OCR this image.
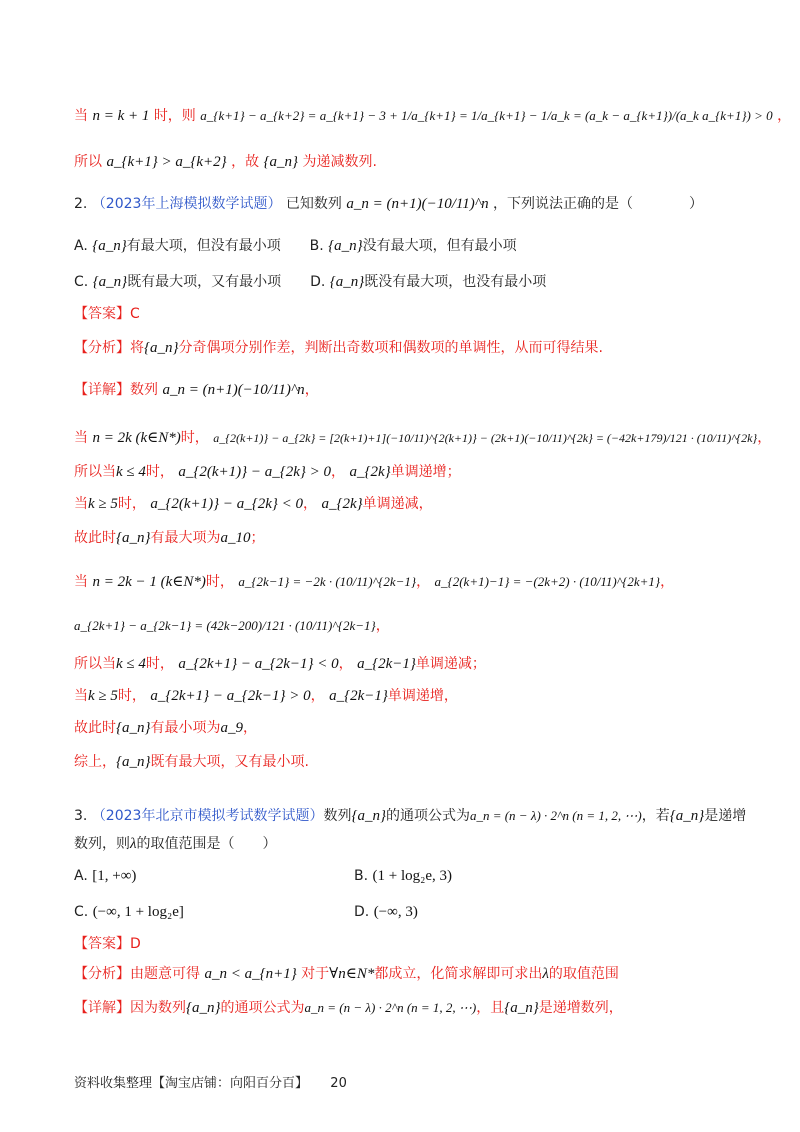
当 n = k + 1 时，则 a_{k+1} − a_{k+2} = a_{k+1} − 3 + 1/a_{k+1} = 1/a_{k+1} − 1/a_k = (a_k − a_{k+1})/(a_k a_{k+1}) > 0 ，
所以 a_{k+1} > a_{k+2} ，故 {a_n} 为递减数列.
2. （2023年上海模拟数学试题） 已知数列 a_n = (n+1)(−10/11)^n ，下列说法正确的是（　　　　）
A. {a_n}有最大项，但没有最小项 B. {a_n}没有最大项，但有最小项
C. {a_n}既有最大项，又有最小项 D. {a_n}既没有最大项，也没有最小项
【答案】C
【分析】将{a_n}分奇偶项分别作差，判断出奇数项和偶数项的单调性，从而可得结果.
【详解】数列 a_n = (n+1)(−10/11)^n，
当 n = 2k (k∈N*)时， a_{2(k+1)} − a_{2k} = [2(k+1)+1](−10/11)^{2(k+1)} − (2k+1)(−10/11)^{2k} = (−42k+179)/121 · (10/11)^{2k}，
所以当k ≤ 4时， a_{2(k+1)} − a_{2k} > 0， a_{2k}单调递增；
当k ≥ 5时， a_{2(k+1)} − a_{2k} < 0， a_{2k}单调递减，
故此时{a_n}有最大项为a_10；
当 n = 2k − 1 (k∈N*)时， a_{2k−1} = −2k · (10/11)^{2k−1}， a_{2(k+1)−1} = −(2k+2) · (10/11)^{2k+1}，
a_{2k+1} − a_{2k−1} = (42k−200)/121 · (10/11)^{2k−1}，
所以当k ≤ 4时， a_{2k+1} − a_{2k−1} < 0， a_{2k−1}单调递减；
当k ≥ 5时， a_{2k+1} − a_{2k−1} > 0， a_{2k−1}单调递增，
故此时{a_n}有最小项为a_9，
综上，{a_n}既有最大项，又有最小项.
3. （2023年北京市模拟考试数学试题）数列{a_n}的通项公式为a_n = (n − λ) · 2^n (n = 1, 2, ⋯)，若{a_n}是递增
数列，则λ的取值范围是（　　）
A. [1, +∞)	B. (1 + log₂e, 3)
C. (−∞, 1 + log₂e]	D. (−∞, 3)
【答案】D
【分析】由题意可得 a_n < a_{n+1} 对于∀n∈N*都成立，化简求解即可求出λ的取值范围
【详解】因为数列{a_n}的通项公式为a_n = (n − λ) · 2^n (n = 1, 2, ⋯)，且{a_n}是递增数列，
资料收集整理【淘宝店铺：向阳百分百】 20
